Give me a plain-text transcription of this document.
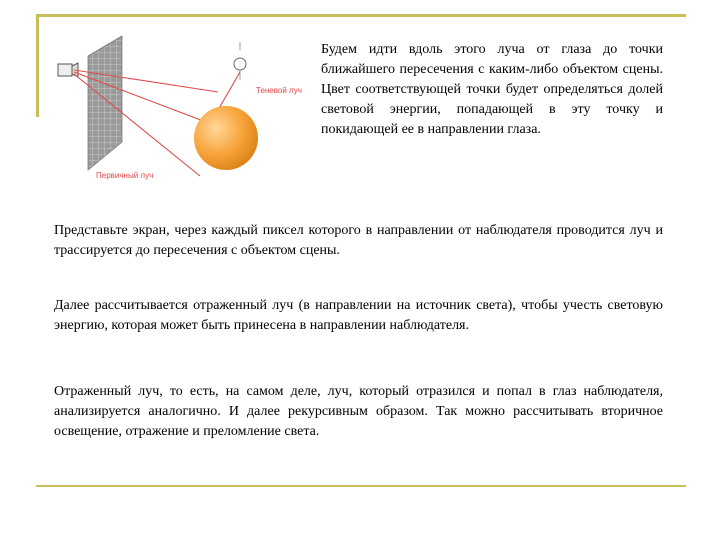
Теневой луч
Первичный луч

Будем идти вдоль этого луча от глаза до точки ближайшего пересечения с каким-либо объектом сцены. Цвет соответствующей точки будет определяться долей световой энергии, попадающей в эту точку и покидающей ее в направлении глаза.

Представьте экран, через каждый пиксел которого в направлении от наблюдателя проводится луч и трассируется до пересечения с объектом сцены.

Далее рассчитывается отраженный луч (в направлении на источник света), чтобы учесть световую энергию, которая может быть принесена в направлении наблюдателя.

Отраженный луч, то есть, на самом деле, луч, который отразился и попал в глаз наблюдателя, анализируется аналогично. И далее рекурсивным образом. Так можно рассчитывать вторичное освещение, отражение и преломление света.
